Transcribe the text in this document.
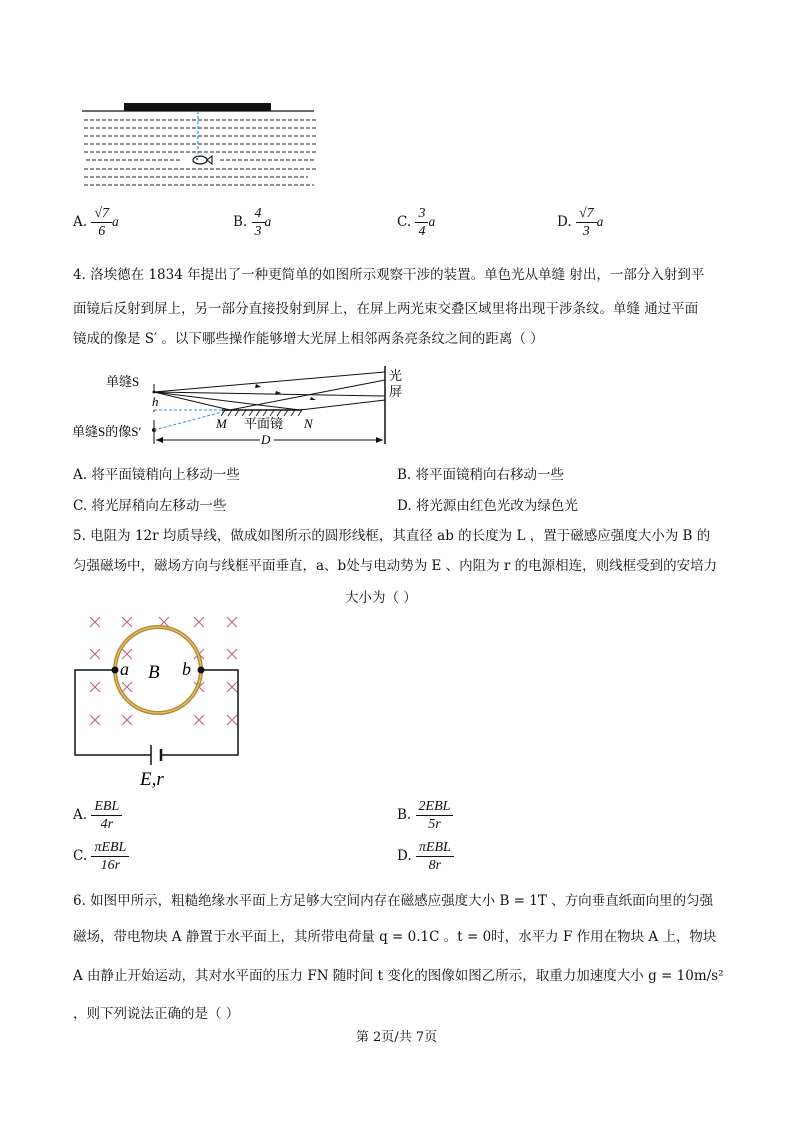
A. $\frac{√7}{6}$ a	B. $\frac{4}{3}$ a	C. $\frac{3}{4}$ a	D. $\frac{√7}{3}$ a
4. 洛埃德在 1834 年提出了一种更简单的如图所示观察干涉的装置。单色光从单缝 射出，一部分入射到平
面镜后反射到屏上，另一部分直接投射到屏上，在屏上两光束交叠区域里将出现干涉条纹。单缝 通过平面
镜成的像是 S′ 。以下哪些操作能够增大光屏上相邻两条亮条纹之间的距离（ ）
单缝S
h
单缝S的像S′
M 平面镜 N
光
屏
D
A. 将平面镜稍向上移动一些	B. 将平面镜稍向右移动一些
C. 将光屏稍向左移动一些	D. 将光源由红色光改为绿色光
5. 电阻为 12r 均质导线，做成如图所示的圆形线框，其直径 ab 的长度为 L ，置于磁感应强度大小为 B 的
匀强磁场中，磁场方向与线框平面垂直，a、b处与电动势为 E 、内阻为 r 的电源相连，则线框受到的安培力
大小为（ ）
a	b
B
E,r
A. $\frac{\text{EBL}}{4r}$	B. $\frac{\text{2EBL}}{5r}$
C. $\frac{\text{πEBL}}{16r}$	D. $\frac{\text{πEBL}}{8r}$
6. 如图甲所示，粗糙绝缘水平面上方足够大空间内存在磁感应强度大小 B = 1T 、方向垂直纸面向里的匀强
磁场，带电物块 A 静置于水平面上，其所带电荷量 q = 0.1C 。t = 0时，水平力 F 作用在物块 A 上，物块
A 由静止开始运动，其对水平面的压力 FN 随时间 t 变化的图像如图乙所示，取重力加速度大小 g = 10m/s²
，则下列说法正确的是（ ）
第 2页/共 7页
